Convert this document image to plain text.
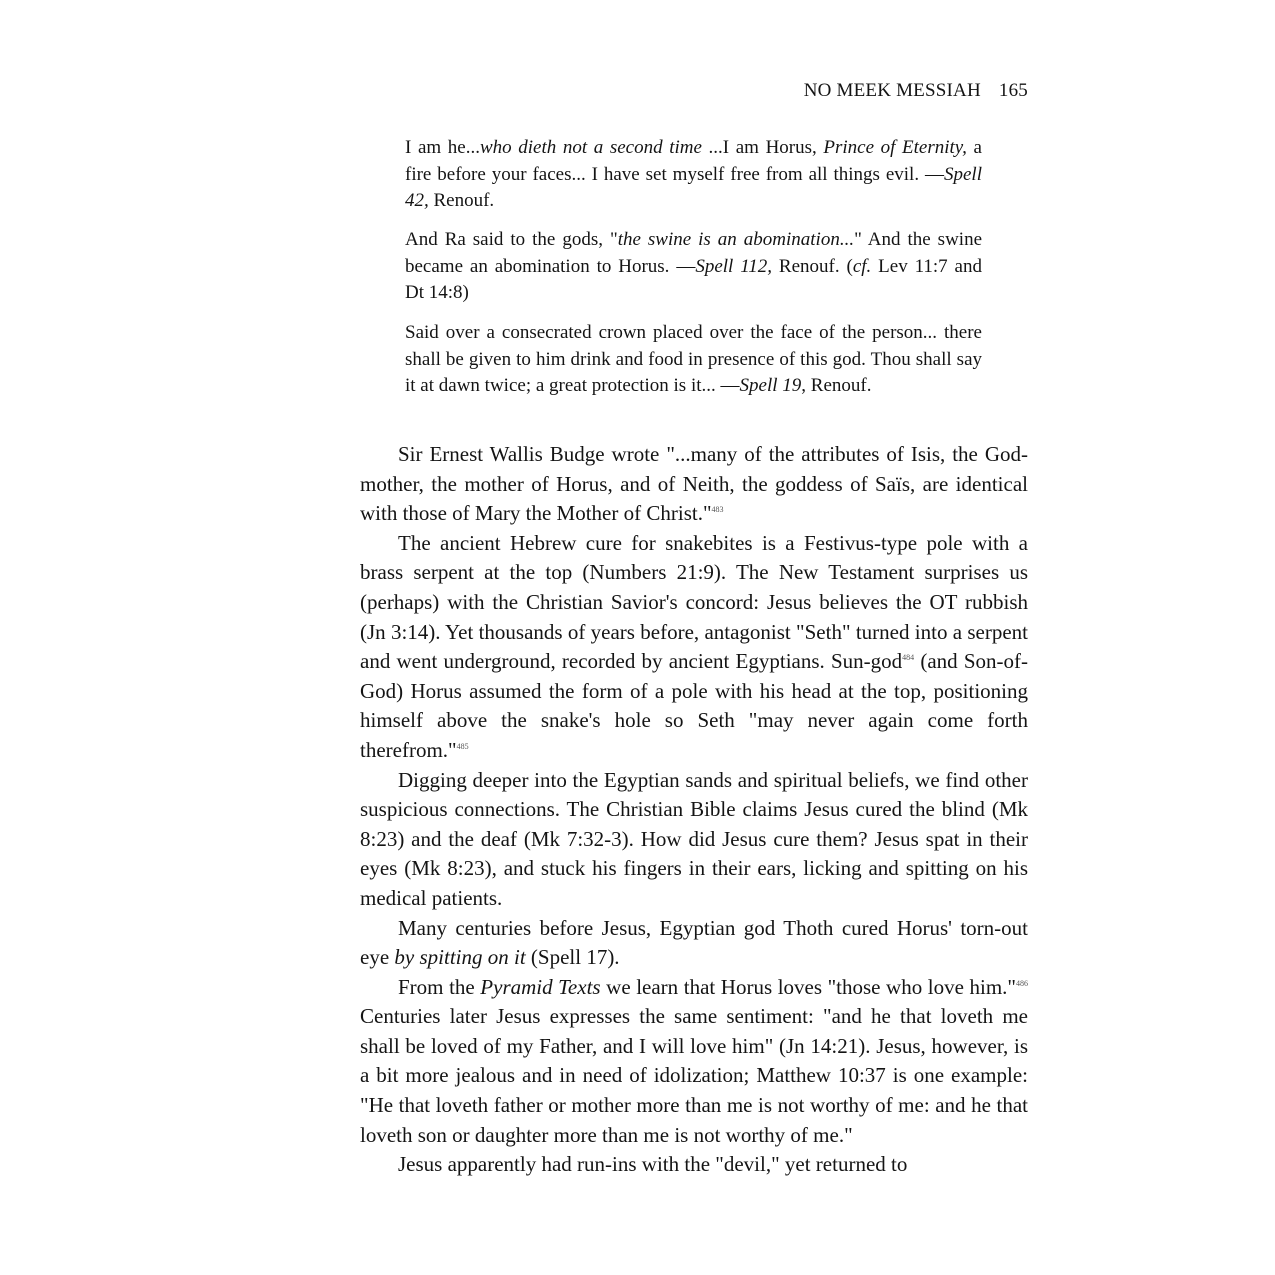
NO MEEK MESSIAH 165

I am he...who dieth not a second time ...I am Horus, Prince of Eternity, a fire before your faces... I have set myself free from all things evil. —Spell 42, Renouf.

And Ra said to the gods, "the swine is an abomination..." And the swine became an abomination to Horus. —Spell 112, Renouf. (cf. Lev 11:7 and Dt 14:8)

Said over a consecrated crown placed over the face of the person... there shall be given to him drink and food in presence of this god. Thou shall say it at dawn twice; a great protection is it... —Spell 19, Renouf.

Sir Ernest Wallis Budge wrote "...many of the attributes of Isis, the God-mother, the mother of Horus, and of Neith, the goddess of Saïs, are identical with those of Mary the Mother of Christ."$^{483}$

The ancient Hebrew cure for snakebites is a Festivus-type pole with a brass serpent at the top (Numbers 21:9). The New Testament surprises us (perhaps) with the Christian Savior's concord: Jesus believes the OT rubbish (Jn 3:14). Yet thousands of years before, antagonist "Seth" turned into a serpent and went underground, recorded by ancient Egyptians. Sun-god$^{484}$ (and Son-of-God) Horus assumed the form of a pole with his head at the top, positioning himself above the snake's hole so Seth "may never again come forth therefrom."$^{485}$

Digging deeper into the Egyptian sands and spiritual beliefs, we find other suspicious connections. The Christian Bible claims Jesus cured the blind (Mk 8:23) and the deaf (Mk 7:32-3). How did Jesus cure them? Jesus spat in their eyes (Mk 8:23), and stuck his fingers in their ears, licking and spitting on his medical patients.

Many centuries before Jesus, Egyptian god Thoth cured Horus' torn-out eye by spitting on it (Spell 17).

From the Pyramid Texts we learn that Horus loves "those who love him."$^{486}$ Centuries later Jesus expresses the same sentiment: "and he that loveth me shall be loved of my Father, and I will love him" (Jn 14:21). Jesus, however, is a bit more jealous and in need of idolization; Matthew 10:37 is one example: "He that loveth father or mother more than me is not worthy of me: and he that loveth son or daughter more than me is not worthy of me."

Jesus apparently had run-ins with the "devil," yet returned to
